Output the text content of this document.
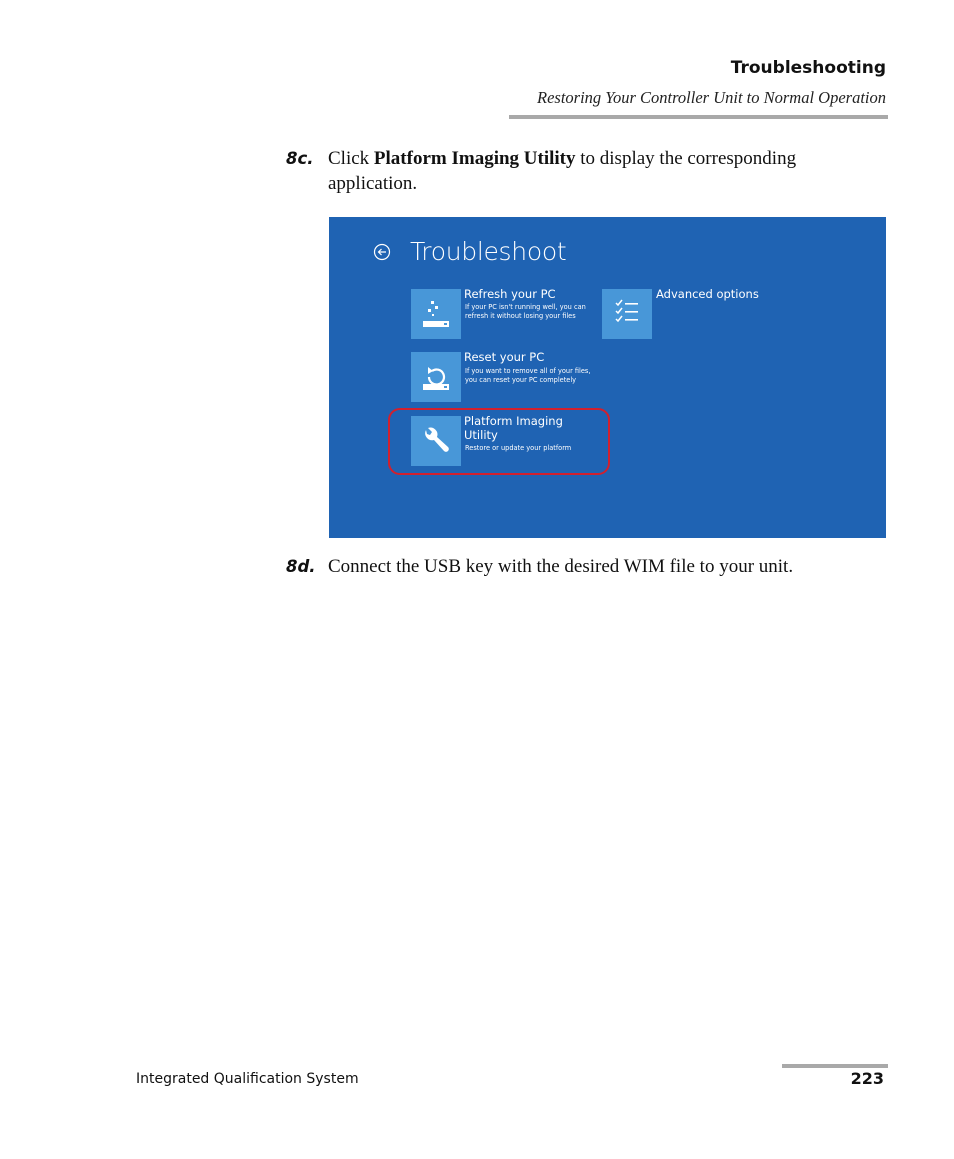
Troubleshooting
Restoring Your Controller Unit to Normal Operation
8c. Click Platform Imaging Utility to display the corresponding application.
Troubleshoot
Refresh your PC
If your PC isn't running well, you can
refresh it without losing your files
Reset your PC
If you want to remove all of your files,
you can reset your PC completely
Platform Imaging
Utility
Restore or update your platform
Advanced options
8d. Connect the USB key with the desired WIM file to your unit.
Integrated Qualification System	223
